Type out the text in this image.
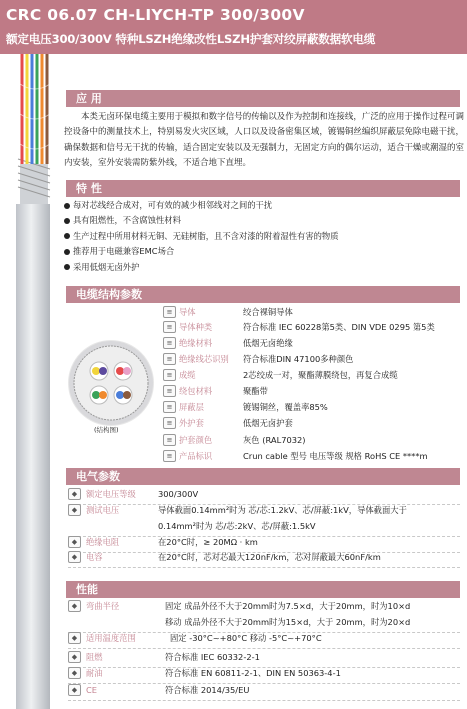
CRC 06.07 CH-LIYCH-TP 300/300V
额定电压300/300V 特种LSZH绝缘改性LSZH护套对绞屏蔽数据软电缆
应 用
本类无卤环保电缆主要用于模拟和数字信号的传输以及作为控制和连接线，广泛的应用于操作过程可调控设备中的测量技术上，特别易发火灾区域，人口以及设备密集区域，镀锡铜丝编织屏蔽层免除电磁干扰，确保数据和信号无干扰的传输，适合固定安装以及无强制力，无固定方向的偶尔运动，适合干燥或潮湿的室内安装，室外安装需防紫外线，不适合地下直埋。
特 性
每对芯线经合成对，可有效的减少相邻线对之间的干扰
具有阻燃性，不含腐蚀性材料
生产过程中所用材料无铜、无硅树脂，且不含对漆的附着湿性有害的物质
推荐用于电磁兼容EMC场合
采用低烟无卤外护
电缆结构参数
(结构图)
≡ 导体	绞合裸铜导体
≡ 导体种类	符合标准 IEC 60228第5类、DIN VDE 0295 第5类
≡ 绝缘材料	低烟无卤绝缘
≡ 绝缘线芯识别 符合标准DIN 47100多种颜色
≡ 成缆	2芯绞成一对，聚酯薄膜绕包，再复合成缆
≡ 绕包材料	聚酯带
≡ 屏蔽层	镀锡铜丝，覆盖率85%
≡ 外护套	低烟无卤护套
≡ 护套颜色	灰色 (RAL7032)
≡ 产品标识	Crun cable 型号 电压等级 规格 RoHS CE ****m
电气参数
◆	额定电压等级	300/300V
◆	测试电压	导体截面0.14mm²时为 芯/芯:1.2kV、芯/屏蔽:1kV，导体截面大于
0.14mm²时为 芯/芯:2kV、芯/屏蔽:1.5kV
◆	绝缘电阻	在20°C时，≥ 20MΩ · km
◆	电容	在20°C时，芯对芯最大120nF/km，芯对屏蔽最大60nF/km
性能
◆	弯曲半径	固定 成品外径不大于20mm时为7.5×d，大于20mm，时为10×d
移动 成品外径不大于20mm时为15×d，大于 20mm，时为20×d
◆	适用温度范围	固定 -30°C~+80°C 移动 -5°C~+70°C
◆	阻燃	符合标准 IEC 60332-2-1
◆	耐油	符合标准 EN 60811-2-1、DIN EN 50363-4-1
◆	CE	符合标准 2014/35/EU
